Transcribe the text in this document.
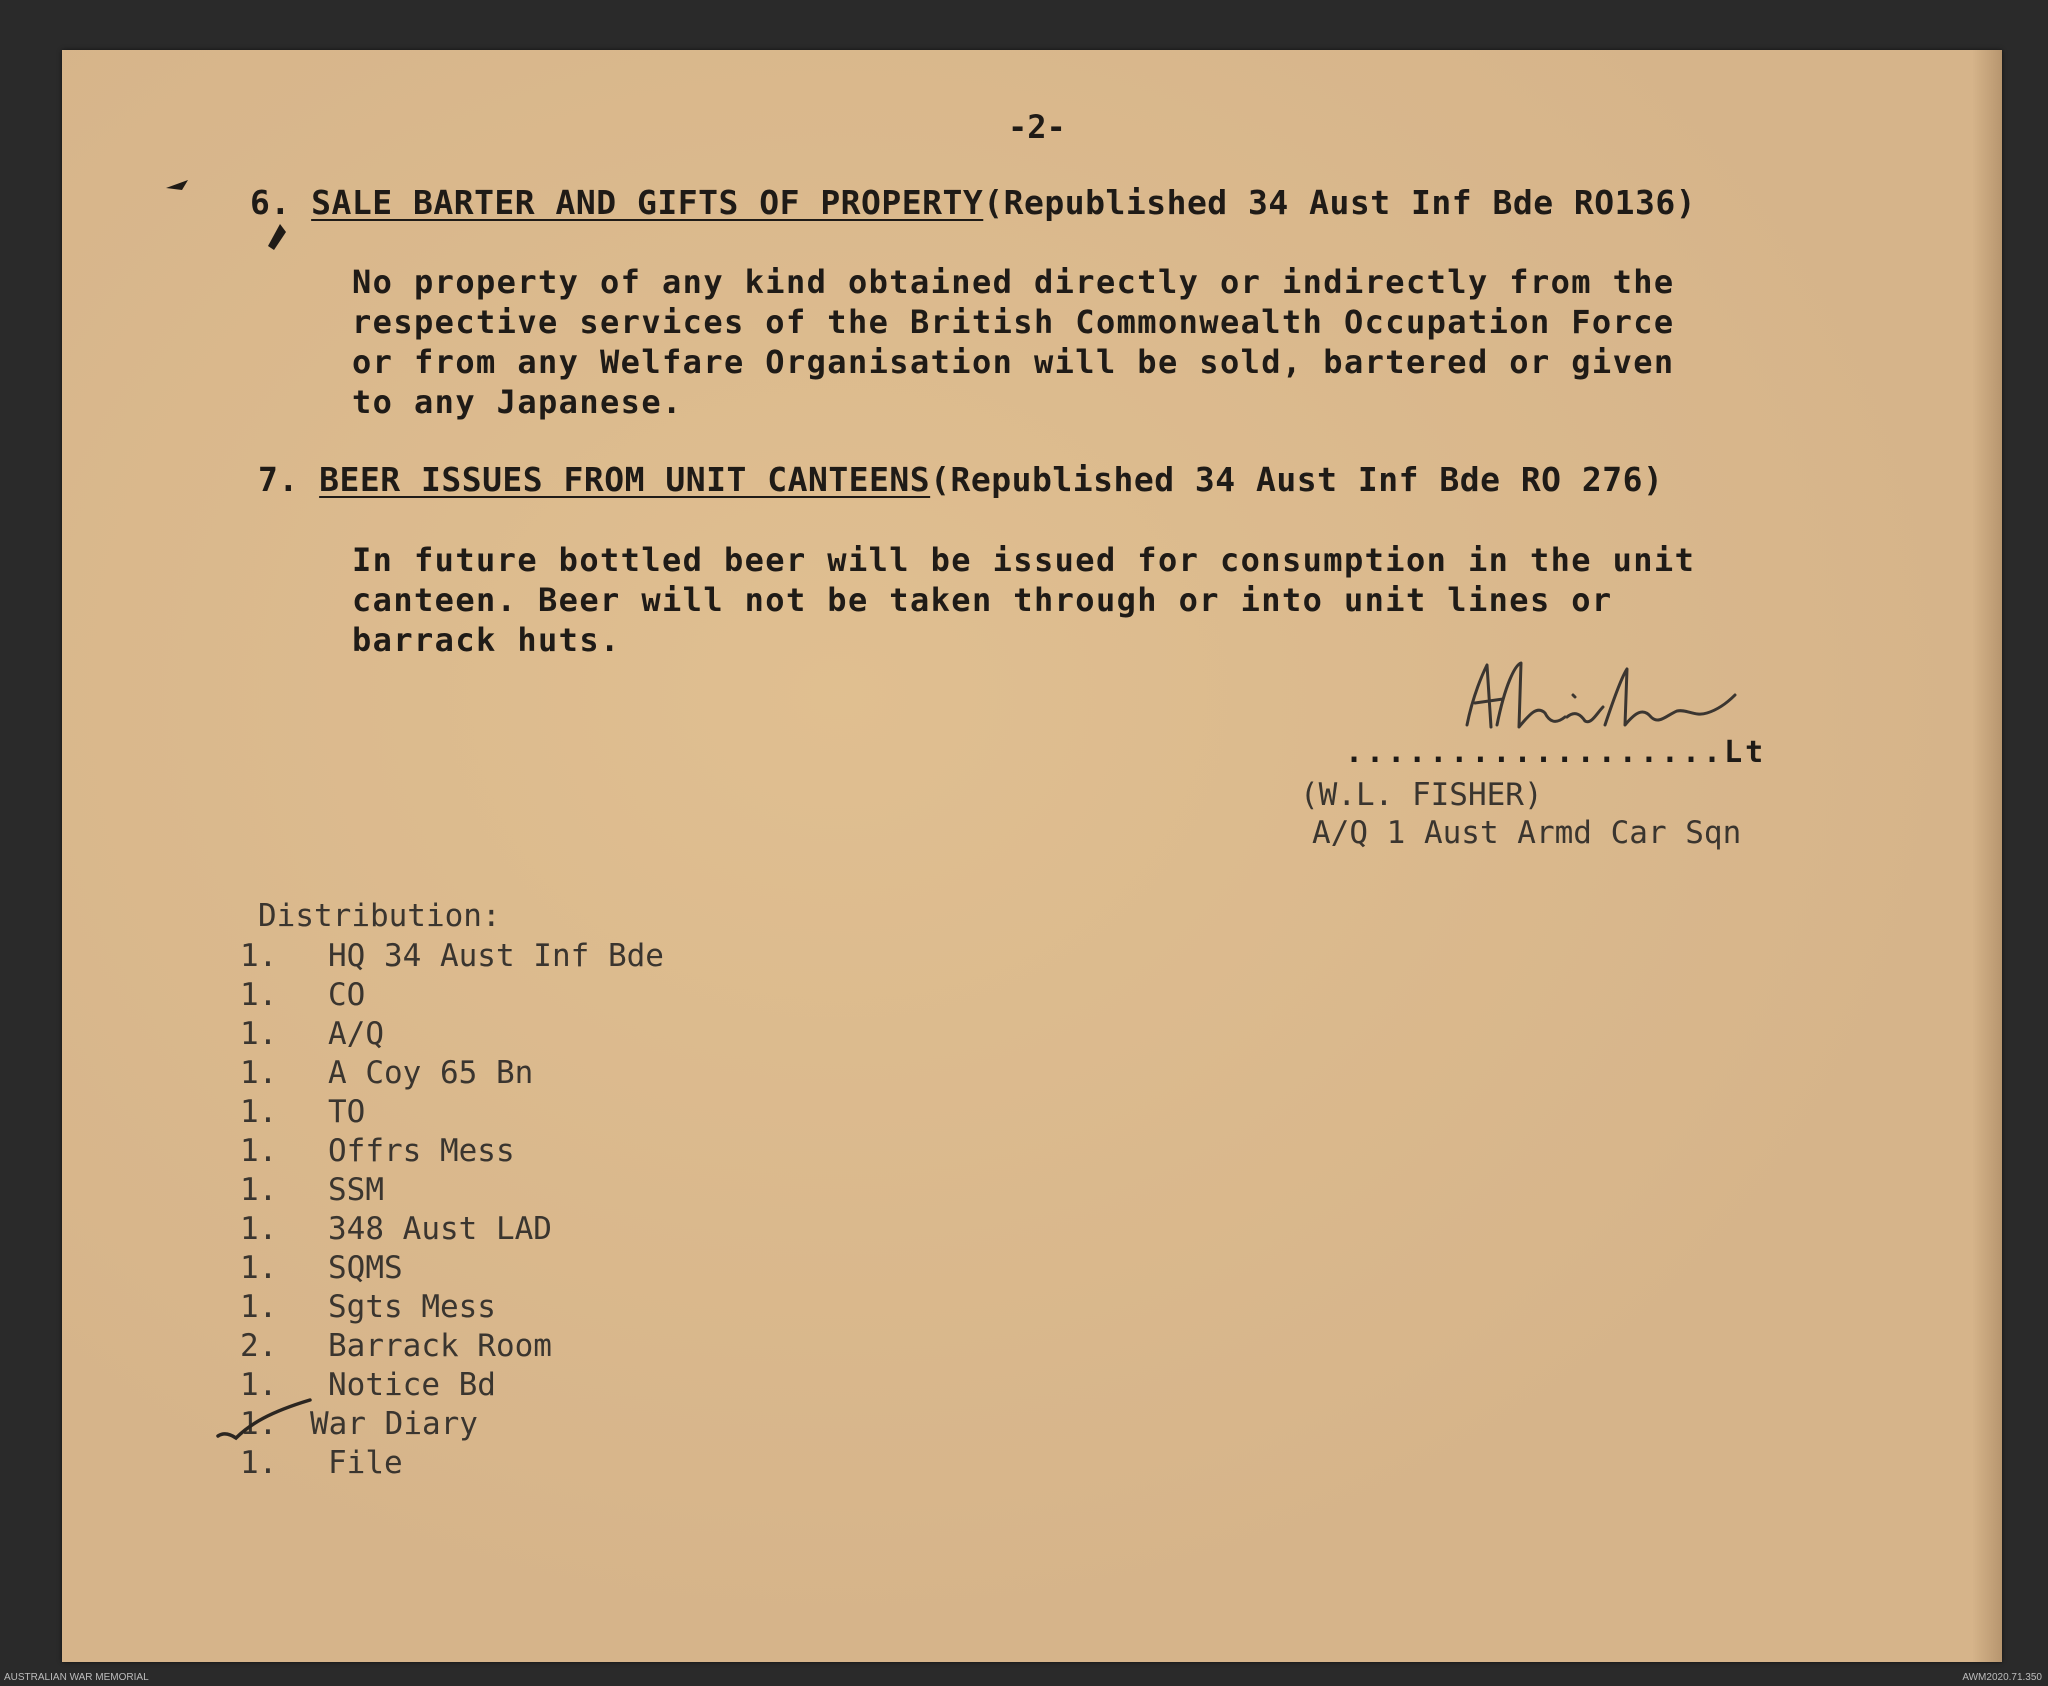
-2-

6. SALE BARTER AND GIFTS OF PROPERTY(Republished 34 Aust Inf Bde RO136)
No property of any kind obtained directly or indirectly from the
respective services of the British Commonwealth Occupation Force
or from any Welfare Organisation will be sold, bartered or given
to any Japanese.
7. BEER ISSUES FROM UNIT CANTEENS(Republished 34 Aust Inf Bde RO 276)
In future bottled beer will be issued for consumption in the unit
canteen. Beer will not be taken through or into unit lines or
barrack huts.

..................Lt

(W.L. FISHER)

A/Q 1 Aust Armd Car Sqn

Distribution:

1. HQ 34 Aust Inf Bde
1. CO
1. A/Q
1. A Coy 65 Bn
1. TO
1. Offrs Mess
1. SSM
1. 348 Aust LAD
1. SQMS
1. Sgts Mess
2. Barrack Room
1. Notice Bd
1. War Diary
1. File
AUSTRALIAN WAR MEMORIAL	AWM2020.71.350
